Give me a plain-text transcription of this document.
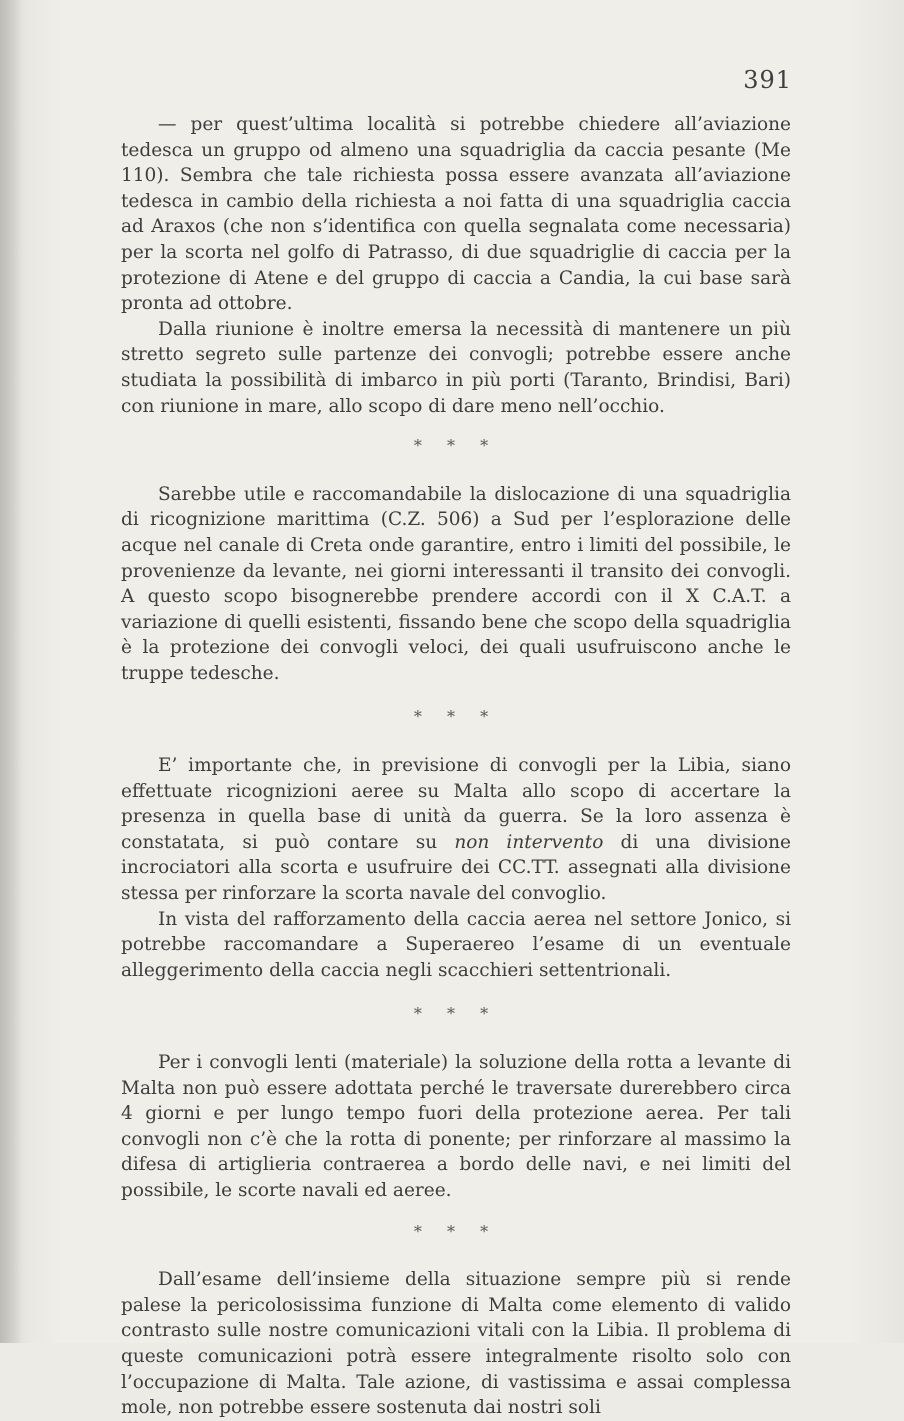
391

— per quest’ultima località si potrebbe chiedere all’aviazione tedesca un gruppo od almeno una squadriglia da caccia pesante (Me 110). Sembra che tale richiesta possa essere avanzata all’aviazione tedesca in cambio della richiesta a noi fatta di una squadriglia caccia ad Araxos (che non s’identifica con quella segnalata come necessaria) per la scorta nel golfo di Patrasso, di due squadriglie di caccia per la protezione di Atene e del gruppo di caccia a Candia, la cui base sarà pronta ad ottobre.

Dalla riunione è inoltre emersa la necessità di mantenere un più stretto segreto sulle partenze dei convogli; potrebbe essere anche studiata la possibilità di imbarco in più porti (Taranto, Brindisi, Bari) con riunione in mare, allo scopo di dare meno nell’occhio.

* * *

Sarebbe utile e raccomandabile la dislocazione di una squadriglia di ricognizione marittima (C.Z. 506) a Sud per l’esplorazione delle acque nel canale di Creta onde garantire, entro i limiti del possibile, le provenienze da levante, nei giorni interessanti il transito dei convogli. A questo scopo bisognerebbe prendere accordi con il X C.A.T. a variazione di quelli esistenti, fissando bene che scopo della squadriglia è la protezione dei convogli veloci, dei quali usufruiscono anche le truppe tedesche.

* * *

E’ importante che, in previsione di convogli per la Libia, siano effettuate ricognizioni aeree su Malta allo scopo di accertare la presenza in quella base di unità da guerra. Se la loro assenza è constatata, si può contare su non intervento di una divisione incrociatori alla scorta e usufruire dei CC.TT. assegnati alla divisione stessa per rinforzare la scorta navale del convoglio.

In vista del rafforzamento della caccia aerea nel settore Jonico, si potrebbe raccomandare a Superaereo l’esame di un eventuale alleggerimento della caccia negli scacchieri settentrionali.

* * *

Per i convogli lenti (materiale) la soluzione della rotta a levante di Malta non può essere adottata perché le traversate durerebbero circa 4 giorni e per lungo tempo fuori della protezione aerea. Per tali convogli non c’è che la rotta di ponente; per rinforzare al massimo la difesa di artiglieria contraerea a bordo delle navi, e nei limiti del possibile, le scorte navali ed aeree.

* * *

Dall’esame dell’insieme della situazione sempre più si rende palese la pericolosissima funzione di Malta come elemento di valido contrasto sulle nostre comunicazioni vitali con la Libia. Il problema di queste comunicazioni potrà essere integralmente risolto solo con l’occupazione di Malta. Tale azione, di vastissima e assai complessa mole, non potrebbe essere sostenuta dai nostri soli
